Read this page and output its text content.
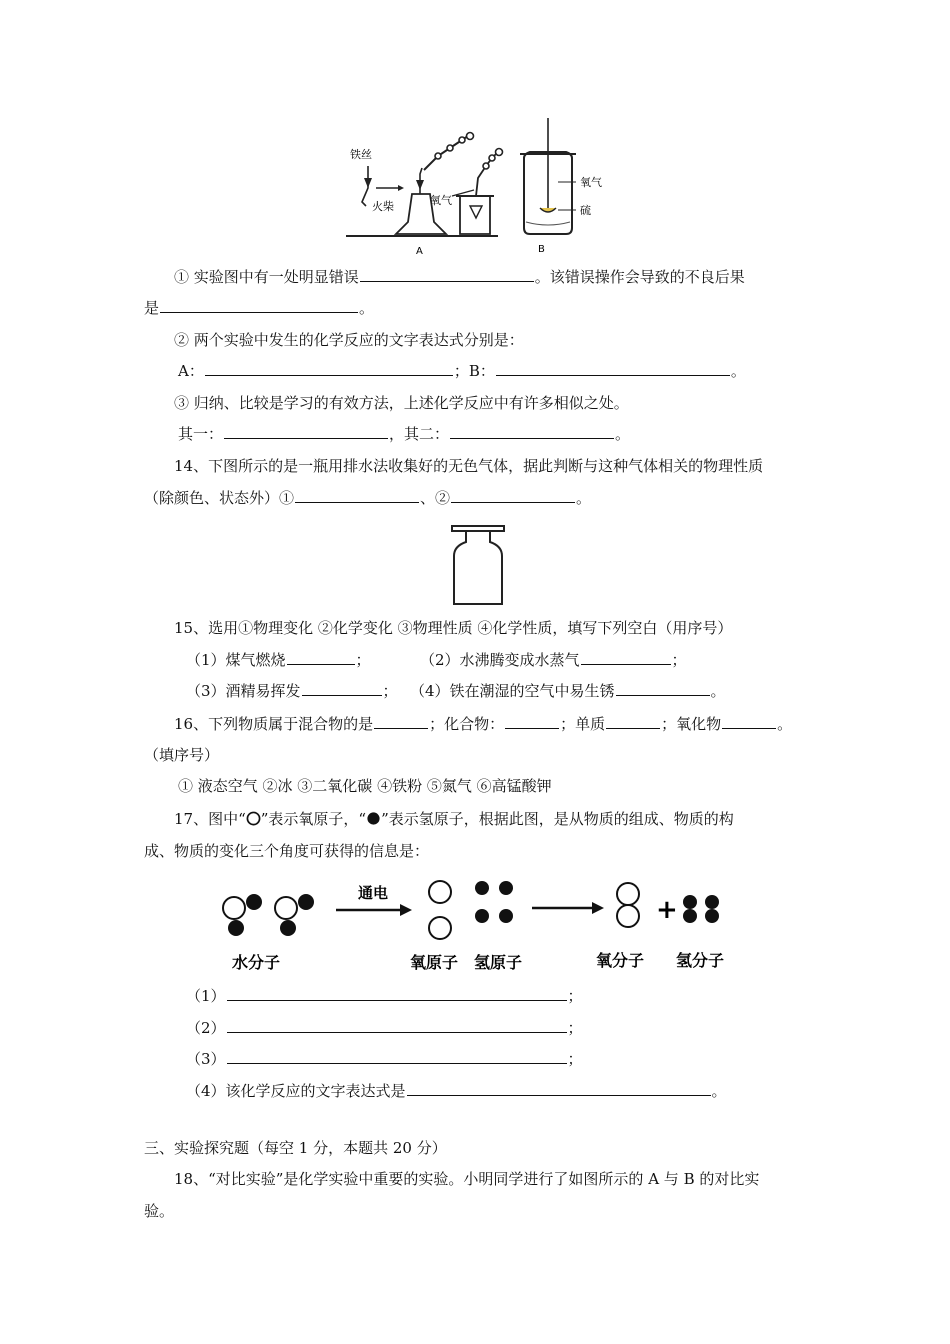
铁丝
火柴	氧气
A
氧气
硫
B
① 实验图中有一处明显错误	。该错误操作会导致的不良后果
是	。
② 两个实验中发生的化学反应的文字表达式分别是：
A：	；B：	。
③ 归纳、比较是学习的有效方法，上述化学反应中有许多相似之处。
其一：	，其二：	。
14、下图所示的是一瓶用排水法收集好的无色气体，据此判断与这种气体相关的物理性质
（除颜色、状态外）①	、②	。
15、选用①物理变化 ②化学变化 ③物理性质 ④化学性质，填写下列空白（用序号）
（1）煤气燃烧	；	（2）水沸腾变成水蒸气	；
（3）酒精易挥发	； （4）铁在潮湿的空气中易生锈	。
16、下列物质属于混合物的是	；化合物：	；单质	；氧化物	。
（填序号）
① 液态空气 ②冰 ③二氧化碳 ④铁粉 ⑤氮气 ⑥高锰酸钾
17、图中“ ”表示氧原子，“ ”表示氢原子，根据此图，是从物质的组成、物质的构
成、物质的变化三个角度可获得的信息是：
水分子
通电
氧原子 氢原子
+
氧分子 氢分子
（1）	；
（2）	；
（3）	；
（4）该化学反应的文字表达式是	。
三、实验探究题（每空 1 分，本题共 20 分）
18、“对比实验”是化学实验中重要的实验。小明同学进行了如图所示的 A 与 B 的对比实
验。
